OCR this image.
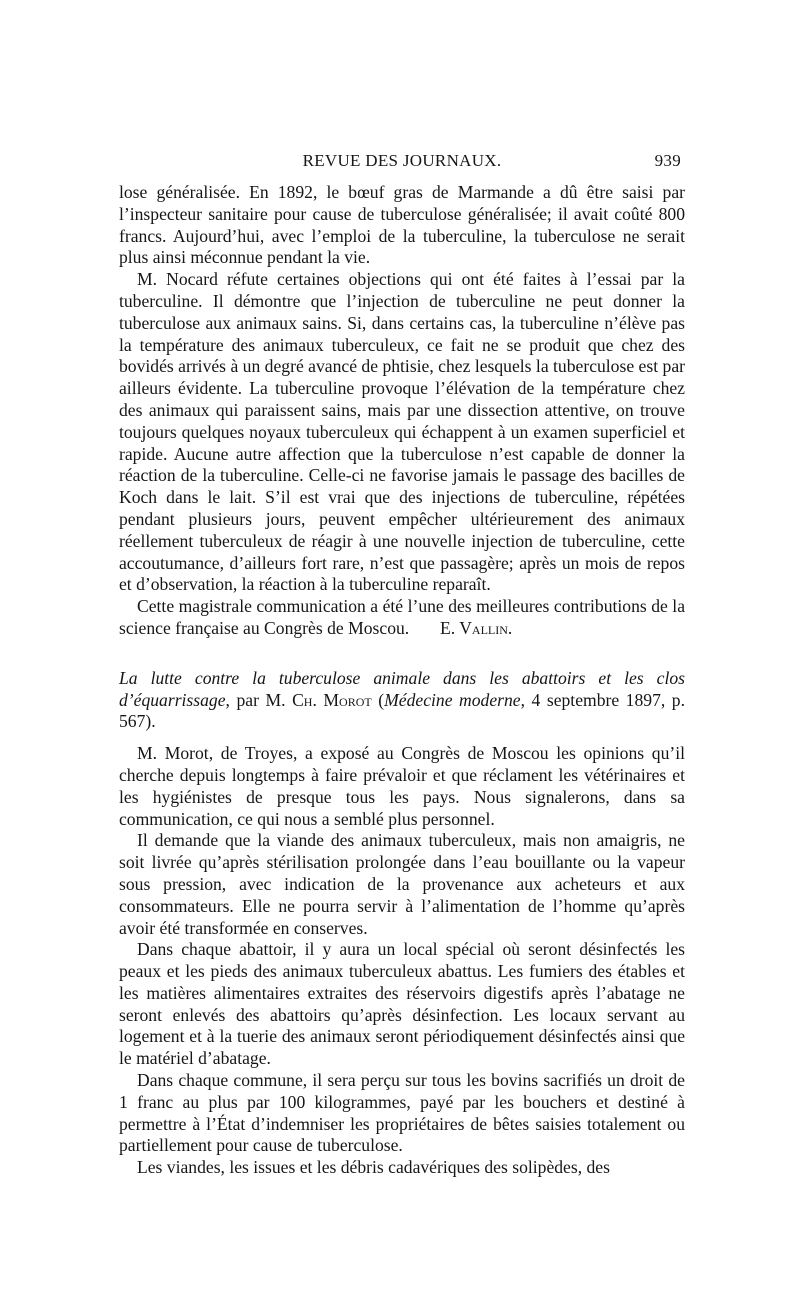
REVUE DES JOURNAUX.	939

lose généralisée. En 1892, le bœuf gras de Marmande a dû être saisi par l’inspecteur sanitaire pour cause de tuberculose généralisée; il avait coûté 800 francs. Aujourd’hui, avec l’emploi de la tuberculine, la tuberculose ne serait plus ainsi méconnue pendant la vie.

M. Nocard réfute certaines objections qui ont été faites à l’essai par la tuberculine. Il démontre que l’injection de tuberculine ne peut donner la tuberculose aux animaux sains. Si, dans certains cas, la tuberculine n’élève pas la température des animaux tuberculeux, ce fait ne se produit que chez des bovidés arrivés à un degré avancé de phtisie, chez lesquels la tuberculose est par ailleurs évidente. La tuberculine provoque l’élévation de la température chez des animaux qui paraissent sains, mais par une dissection attentive, on trouve toujours quelques noyaux tuberculeux qui échappent à un examen superficiel et rapide. Aucune autre affection que la tuberculose n’est capable de donner la réaction de la tuberculine. Celle-ci ne favorise jamais le passage des bacilles de Koch dans le lait. S’il est vrai que des injections de tuberculine, répétées pendant plusieurs jours, peuvent empêcher ultérieurement des animaux réellement tuberculeux de réagir à une nouvelle injection de tuberculine, cette accoutumance, d’ailleurs fort rare, n’est que passagère; après un mois de repos et d’observation, la réaction à la tuberculine reparaît.

Cette magistrale communication a été l’une des meilleures contributions de la science française au Congrès de Moscou. E. Vallin.

La lutte contre la tuberculose animale dans les abattoirs et les clos d’équarrissage, par M. Ch. Morot (Médecine moderne, 4 septembre 1897, p. 567).

M. Morot, de Troyes, a exposé au Congrès de Moscou les opinions qu’il cherche depuis longtemps à faire prévaloir et que réclament les vétérinaires et les hygiénistes de presque tous les pays. Nous signalerons, dans sa communication, ce qui nous a semblé plus personnel.

Il demande que la viande des animaux tuberculeux, mais non amaigris, ne soit livrée qu’après stérilisation prolongée dans l’eau bouillante ou la vapeur sous pression, avec indication de la provenance aux acheteurs et aux consommateurs. Elle ne pourra servir à l’alimentation de l’homme qu’après avoir été transformée en conserves.

Dans chaque abattoir, il y aura un local spécial où seront désinfectés les peaux et les pieds des animaux tuberculeux abattus. Les fumiers des étables et les matières alimentaires extraites des réservoirs digestifs après l’abatage ne seront enlevés des abattoirs qu’après désinfection. Les locaux servant au logement et à la tuerie des animaux seront périodiquement désinfectés ainsi que le matériel d’abatage.

Dans chaque commune, il sera perçu sur tous les bovins sacrifiés un droit de 1 franc au plus par 100 kilogrammes, payé par les bouchers et destiné à permettre à l’État d’indemniser les propriétaires de bêtes saisies totalement ou partiellement pour cause de tuberculose.

Les viandes, les issues et les débris cadavériques des solipèdes, des
